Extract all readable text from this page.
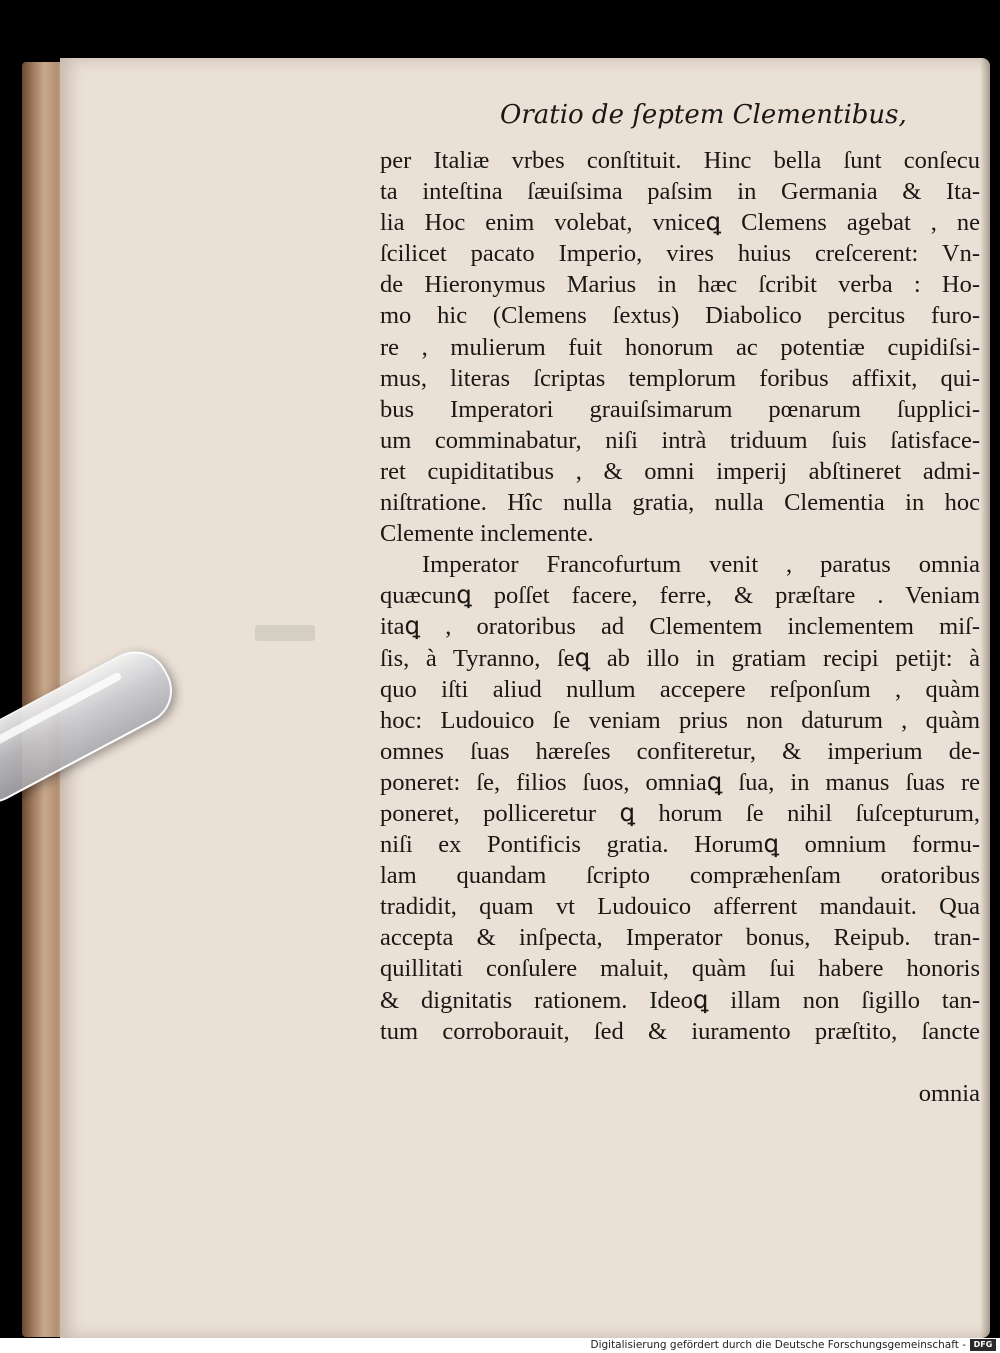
Oratio de ſeptem Clementibus,
per Italiæ vrbes conſtituit. Hinc bella ſunt conſecu
ta inteſtina ſæuiſsima paſsim in Germania & Ita-
lia Hoc enim volebat, vniceꝗ Clemens agebat , ne
ſcilicet pacato Imperio, vires huius creſcerent: Vn-
de Hieronymus Marius in hæc ſcribit verba : Ho-
mo hic (Clemens ſextus) Diabolico percitus furo-
re , mulierum fuit honorum ac potentiæ cupidiſsi-
mus, literas ſcriptas templorum foribus affixit, qui-
bus Imperatori grauiſsimarum pœnarum ſupplici-
um comminabatur, niſi intrà triduum ſuis ſatisface-
ret cupiditatibus , & omni imperij abſtineret admi-
niſtratione. Hîc nulla gratia, nulla Clementia in hoc
Clemente inclemente.
Imperator Francofurtum venit , paratus omnia
quæcunꝗ poſſet facere, ferre, & præſtare . Veniam
itaꝗ , oratoribus ad Clementem inclementem miſ-
ſis, à Tyranno, ſeꝗ ab illo in gratiam recipi petijt: à
quo iſti aliud nullum accepere reſponſum , quàm
hoc: Ludouico ſe veniam prius non daturum , quàm
omnes ſuas hæreſes confiteretur, & imperium de-
poneret: ſe, filios ſuos, omniaꝗ ſua, in manus ſuas re
poneret, polliceretur ꝗ horum ſe nihil ſuſcepturum,
niſi ex Pontificis gratia. Horumꝗ omnium formu-
lam quandam ſcripto compræhenſam oratoribus
tradidit, quam vt Ludouico afferrent mandauit. Qua
accepta & inſpecta, Imperator bonus, Reipub. tran-
quillitati conſulere maluit, quàm ſui habere honoris
& dignitatis rationem. Ideoꝗ illam non ſigillo tan-
tum corroborauit, ſed & iuramento præſtito, ſancte
omnia
Digitalisierung gefördert durch die Deutsche Forschungsgemeinschaft - DFG
